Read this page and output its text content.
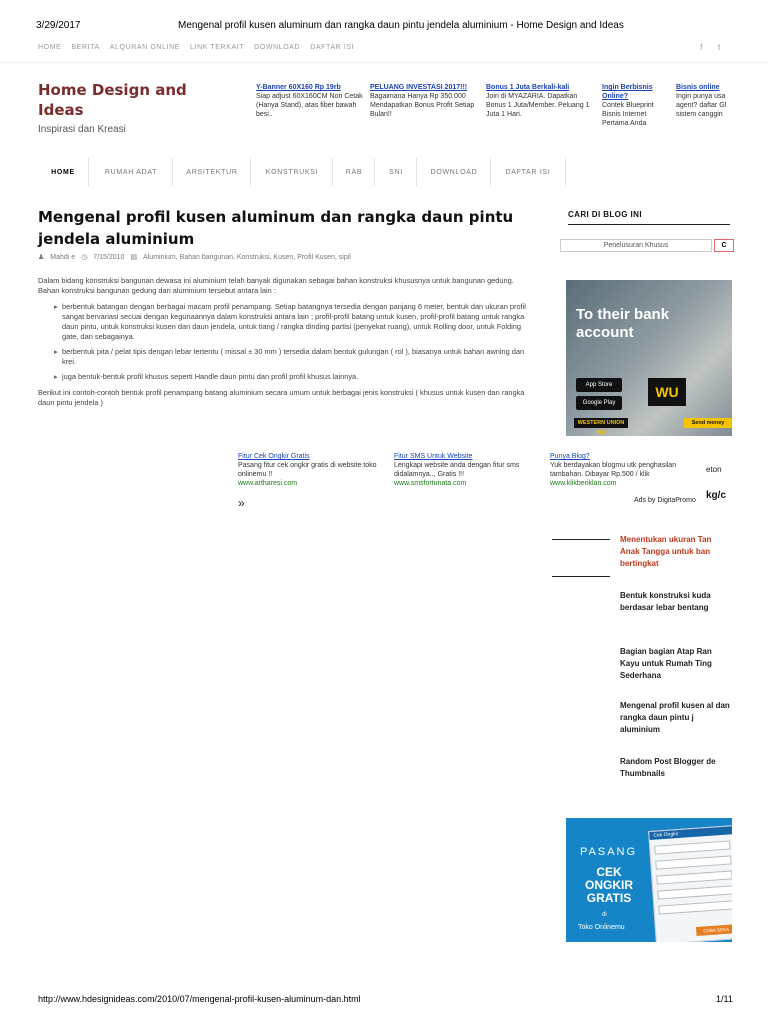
3/29/2017	Mengenal profil kusen aluminum dan rangka daun pintu jendela aluminium - Home Design and Ideas
HOME BERITA ALQURAN ONLINE LINK TERKAIT DOWNLOAD DAFTAR ISI	f t
Home Design and Ideas
Inspirasi dan Kreasi
Y-Banner 60X160 Rp 19rb
Siap adjust 60X160CM Non Cetak (Hanya Stand), atas fiber bawah besi..
PELUANG INVESTASI 2017!!!
Bagaimana Hanya Rp 350.000 Mendapatkan Bonus Profit Setiap Bulan!!
Bonus 1 Juta Berkali-kali
Join di MYAZARIA. Dapatkan Bonus 1 Juta/Member. Peluang 1 Juta 1 Hari.
Ingin Berbisnis Online?
Contek Blueprint Bisnis Internet Pertama Anda
Bisnis online
Ingin punya usa agent? daftar Gl sistem canggin
HOME	RUMAH ADAT	ARSITEKTUR	KONSTRUKSI	RAB	SNI	DOWNLOAD	DAFTAR ISI
Mengenal profil kusen aluminum dan rangka daun pintu jendela aluminium
♟ Mahdi e ◷ 7/15/2010 ▤ Aluminium, Bahan bangunan, Konstruksi, Kusen, Profil Kusen, sipil

Dalam bidang konstruksi bangunan dewasa ini aluminium telah banyak digunakan sebagai bahan konstruksi khususnya untuk bangunan gedung.

Bahan konstruksi bangunan gedung dari aluminium tersebut antara lain :

▸ berbentuk batangan dengan berbagai macam profil penampang. Setiap batangnya tersedia dengan panjang 6 meter, bentuk dan ukuran profil sangat bervariasi secuai dengan kegunaannya dalam konstruksi antara lain ; profil-profil batang untuk kusen, profil-profil batang untuk rangka daun pintu, untuk konstruksi kusen dan daun jendela, untuk tiang / rangka dinding partisi (penyekat ruang), untuk Rolling door, untuk Folding gate, dan sebagainya.
▸ berbentuk pita / pelat tipis dengan lebar tertentu ( missal ± 30 mm ) tersedia dalam bentuk gulungan ( rol ), biasanya untuk bahan awning dan krei.
▸ juga bentuk-bentuk profil khusus seperti Handle daun pintu dan profil profil khusus lainnya.

Berikut ini contoh-contoh bentuk profil penampang batang aluminium secara umum untuk berbagai jenis konstruksi ( khusus untuk kusen dan rangka daun pintu jendela )

Fitur Cek Ongkir Gratis
Pasang fitur cek ongkir gratis di website toko onlinemu !!
www.artharesi.com
Fitur SMS Untuk Website
Lengkapi website anda dengan fitur sms didalamnya.., Gratis !!!
www.smsfortunata.com
Punya Blog?
Yuk berdayakan blogmu utk penghasilan tambahan. Dibayar Rp.500 / klik
www.klikberiklan.com
»
CARI DI BLOG INI
Penelusuran Khusus	C
To their bank account
App Store
Google Play
WU
WESTERN UNION WU
Send money
eton
kg/c
Ads by DigitaPromo
Menentukan ukuran Tan Anak Tangga untuk ban bertingkat
Bentuk konstruksi kuda berdasar lebar bentang
Bagian bagian Atap Ran Kayu untuk Rumah Ting Sederhana
Mengenal profil kusen al dan rangka daun pintu j aluminium
Random Post Blogger de Thumbnails
PASANG
CEK ONGKIR GRATIS
di
Toko Onlinemu
Cek Ongkir
COBA SEKA
http://www.hdesignideas.com/2010/07/mengenal-profil-kusen-aluminum-dan.html	1/11
